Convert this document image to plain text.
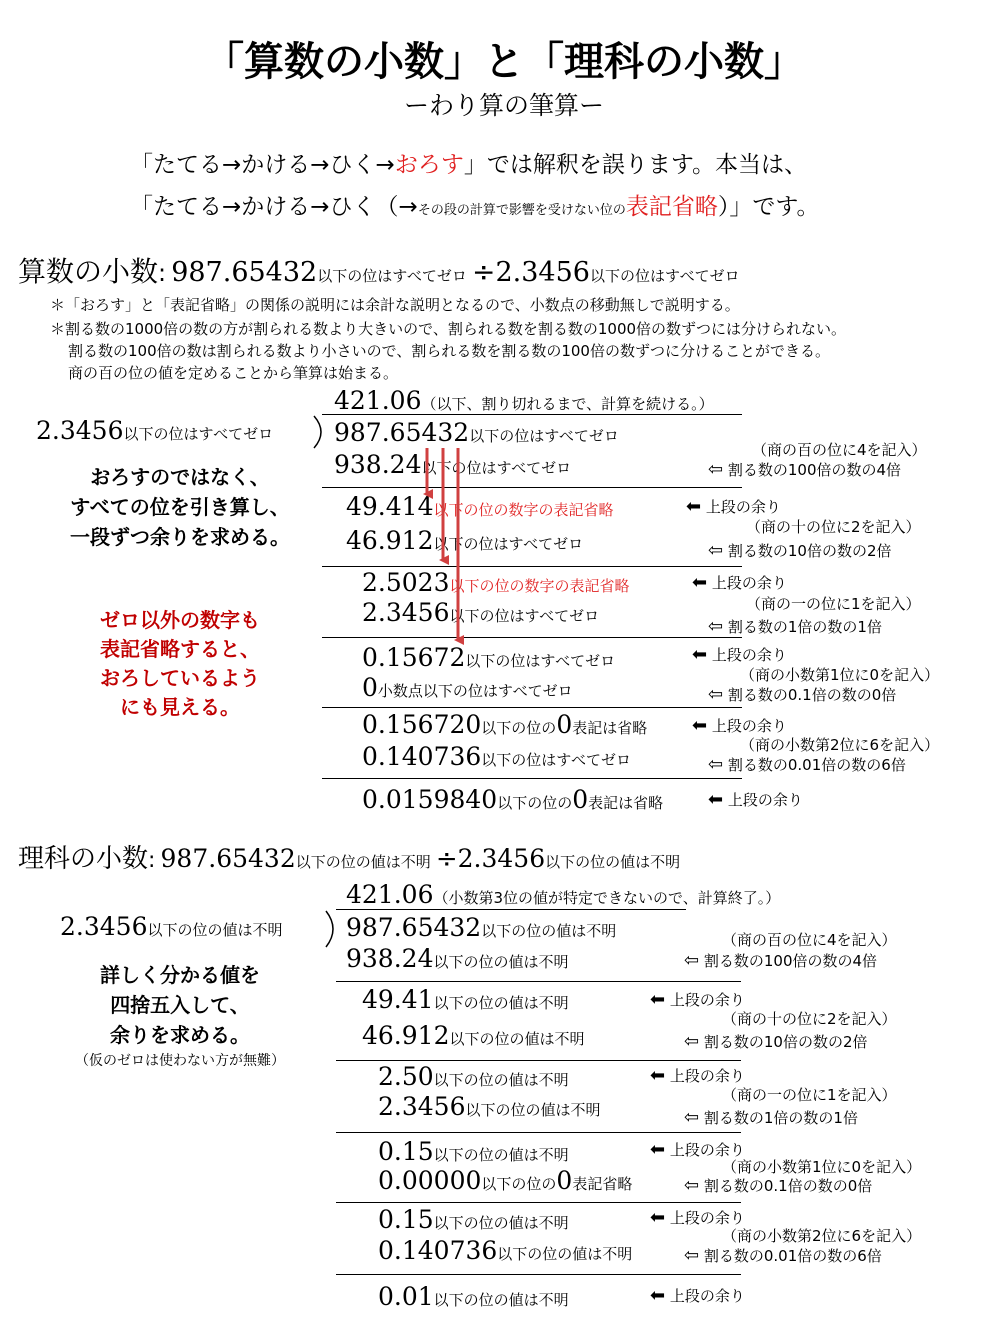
「算数の小数」と「理科の小数」
ーわり算の筆算ー
「たてる→かける→ひく→おろす」では解釈を誤ります。本当は、
「たてる→かける→ひく（→その段の計算で影響を受けない位の表記省略）」です。
算数の小数: 987.65432以下の位はすべてゼロ ÷2.3456以下の位はすべてゼロ
＊「おろす」と「表記省略」の関係の説明には余計な説明となるので、小数点の移動無しで説明する。
＊割る数の1000倍の数の方が割られる数より大きいので、割られる数を割る数の1000倍の数ずつには分けられない。
割る数の100倍の数は割られる数より小さいので、割られる数を割る数の100倍の数ずつに分けることができる。
商の百の位の値を定めることから筆算は始まる。
421.06（以下、割り切れるまで、計算を続ける。）
2.3456以下の位はすべてゼロ 987.65432以下の位はすべてゼロ
938.24以下の位はすべてゼロ
49.414以下の位の数字の表記省略
46.912以下の位はすべてゼロ
2.5023以下の位の数字の表記省略
2.3456以下の位はすべてゼロ
0.15672以下の位はすべてゼロ
0小数点以下の位はすべてゼロ
0.156720以下の位の0表記は省略
0.140736以下の位はすべてゼロ
0.0159840以下の位の0表記は省略
おろすのではなく、
すべての位を引き算し、
一段ずつ余りを求める。
ゼロ以外の数字も
表記省略すると、
おろしているよう
にも見える。
（商の百の位に4を記入）
⇦ 割る数の100倍の数の4倍
⬅ 上段の余り
（商の十の位に2を記入）
⇦ 割る数の10倍の数の2倍
⬅ 上段の余り
（商の一の位に1を記入）
⇦ 割る数の1倍の数の1倍
⬅ 上段の余り
（商の小数第1位に0を記入）
⇦ 割る数の0.1倍の数の0倍
⬅ 上段の余り
（商の小数第2位に6を記入）
⇦ 割る数の0.01倍の数の6倍
⬅ 上段の余り
理科の小数: 987.65432以下の位の値は不明 ÷2.3456以下の位の値は不明
421.06（小数第3位の値が特定できないので、計算終了。）
2.3456以下の位の値は不明	987.65432以下の位の値は不明
938.24以下の位の値は不明
49.41以下の位の値は不明
46.912以下の位の値は不明
2.50以下の位の値は不明
2.3456以下の位の値は不明
0.15以下の位の値は不明
0.00000以下の位の0表記省略
0.15以下の位の値は不明
0.140736以下の位の値は不明
0.01以下の位の値は不明
詳しく分かる値を
四捨五入して、
余りを求める。
（仮のゼロは使わない方が無難）
（商の百の位に4を記入）
⇦ 割る数の100倍の数の4倍
⬅ 上段の余り
（商の十の位に2を記入）
⇦ 割る数の10倍の数の2倍
⬅ 上段の余り
（商の一の位に1を記入）
⇦ 割る数の1倍の数の1倍
⬅ 上段の余り
（商の小数第1位に0を記入）
⇦ 割る数の0.1倍の数の0倍
⬅ 上段の余り
（商の小数第2位に6を記入）
⇦ 割る数の0.01倍の数の6倍
⬅ 上段の余り
